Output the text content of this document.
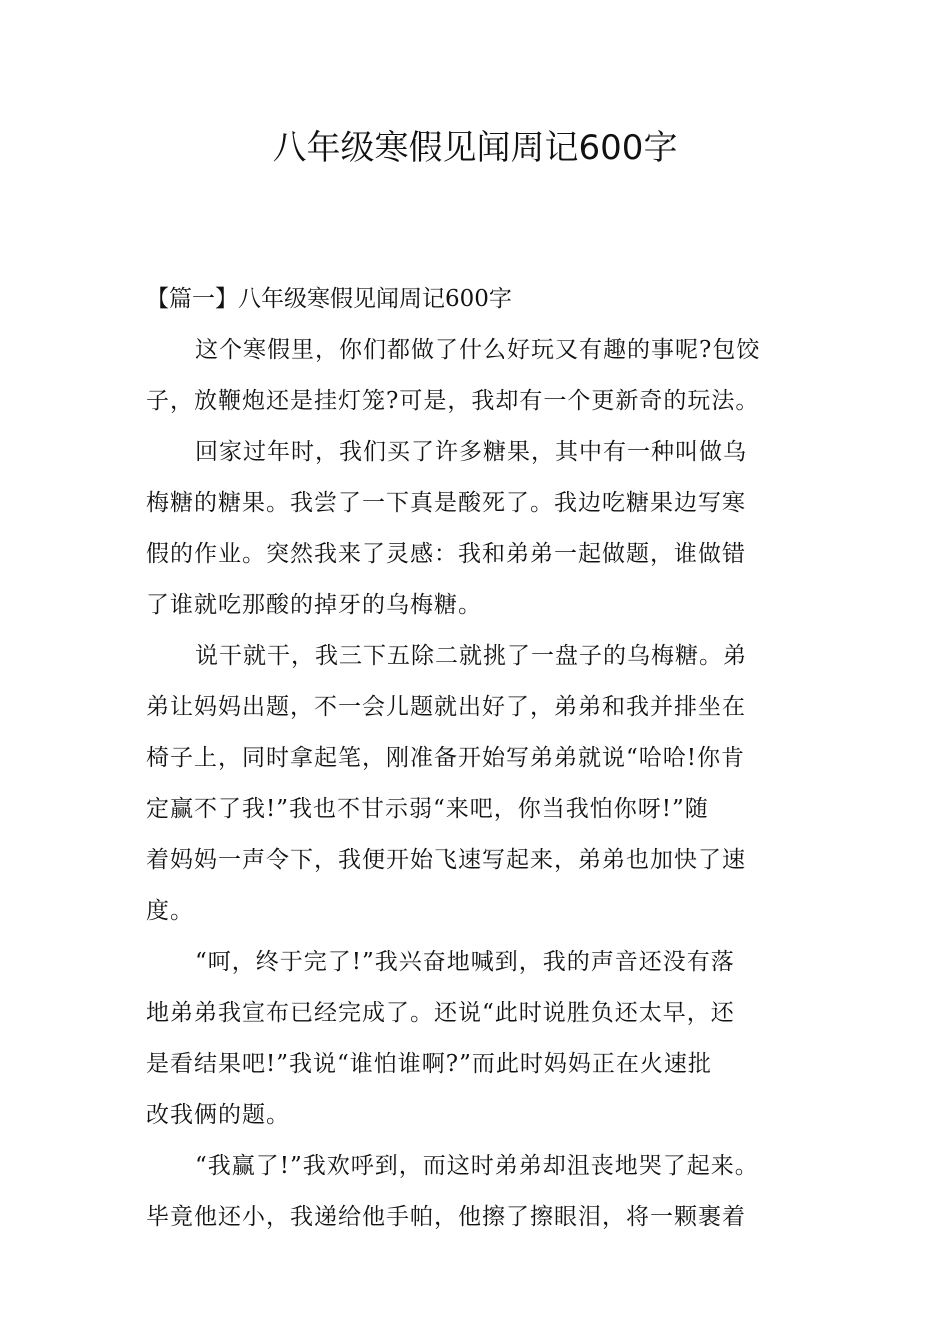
八年级寒假见闻周记600字
【篇一】八年级寒假见闻周记600字

这个寒假里，你们都做了什么好玩又有趣的事呢?包饺
子，放鞭炮还是挂灯笼?可是，我却有一个更新奇的玩法。

回家过年时，我们买了许多糖果，其中有一种叫做乌
梅糖的糖果。我尝了一下真是酸死了。我边吃糖果边写寒
假的作业。突然我来了灵感：我和弟弟一起做题，谁做错
了谁就吃那酸的掉牙的乌梅糖。

说干就干，我三下五除二就挑了一盘子的乌梅糖。弟
弟让妈妈出题，不一会儿题就出好了，弟弟和我并排坐在
椅子上，同时拿起笔，刚准备开始写弟弟就说“哈哈!你肯
定赢不了我!”我也不甘示弱“来吧，你当我怕你呀!”随
着妈妈一声令下，我便开始飞速写起来，弟弟也加快了速
度。

“呵，终于完了!”我兴奋地喊到，我的声音还没有落
地弟弟我宣布已经完成了。还说“此时说胜负还太早，还
是看结果吧!”我说“谁怕谁啊?”而此时妈妈正在火速批
改我俩的题。

“我赢了!”我欢呼到，而这时弟弟却沮丧地哭了起来。
毕竟他还小，我递给他手帕，他擦了擦眼泪，将一颗裹着
